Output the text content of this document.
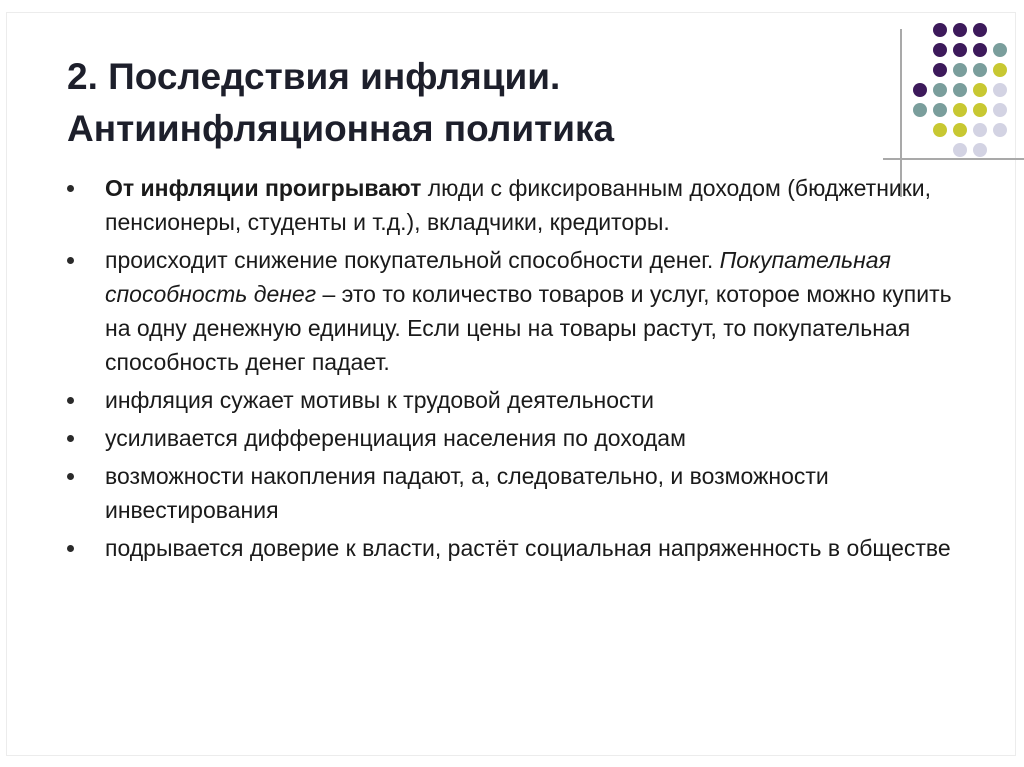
2. Последствия инфляции.
Антиинфляционная политика
От инфляции проигрывают люди с фиксированным доходом (бюджетники, пенсионеры, студенты и т.д.), вкладчики, кредиторы.
происходит снижение покупательной способности денег. Покупательная способность денег – это то количество товаров и услуг, которое можно купить на одну денежную единицу. Если цены на товары растут, то покупательная способность денег падает.
инфляция сужает мотивы к трудовой деятельности
усиливается дифференциация населения по доходам
возможности накопления падают, а, следовательно, и возможности инвестирования
подрывается доверие к власти, растёт социальная напряженность в обществе
